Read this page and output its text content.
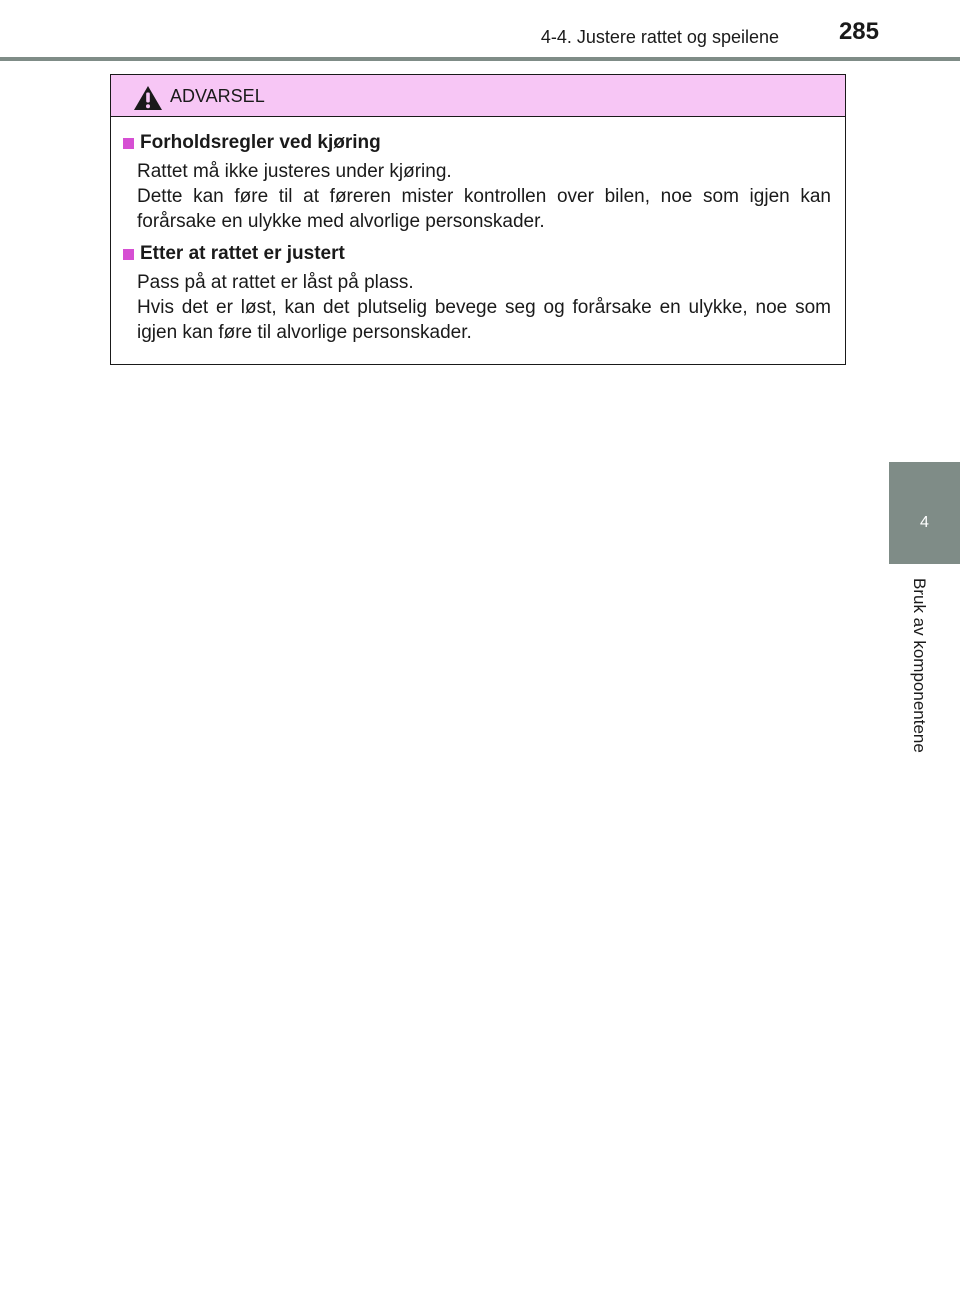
4-4. Justere rattet og speilene 285
4
Bruk av komponentene
ADVARSEL
Forholdsregler ved kjøring

Rattet må ikke justeres under kjøring.

Dette kan føre til at føreren mister kontrollen over bilen, noe som igjen kan forårsake en ulykke med alvorlige personskader.

Etter at rattet er justert

Pass på at rattet er låst på plass.

Hvis det er løst, kan det plutselig bevege seg og forårsake en ulykke, noe som igjen kan føre til alvorlige personskader.
